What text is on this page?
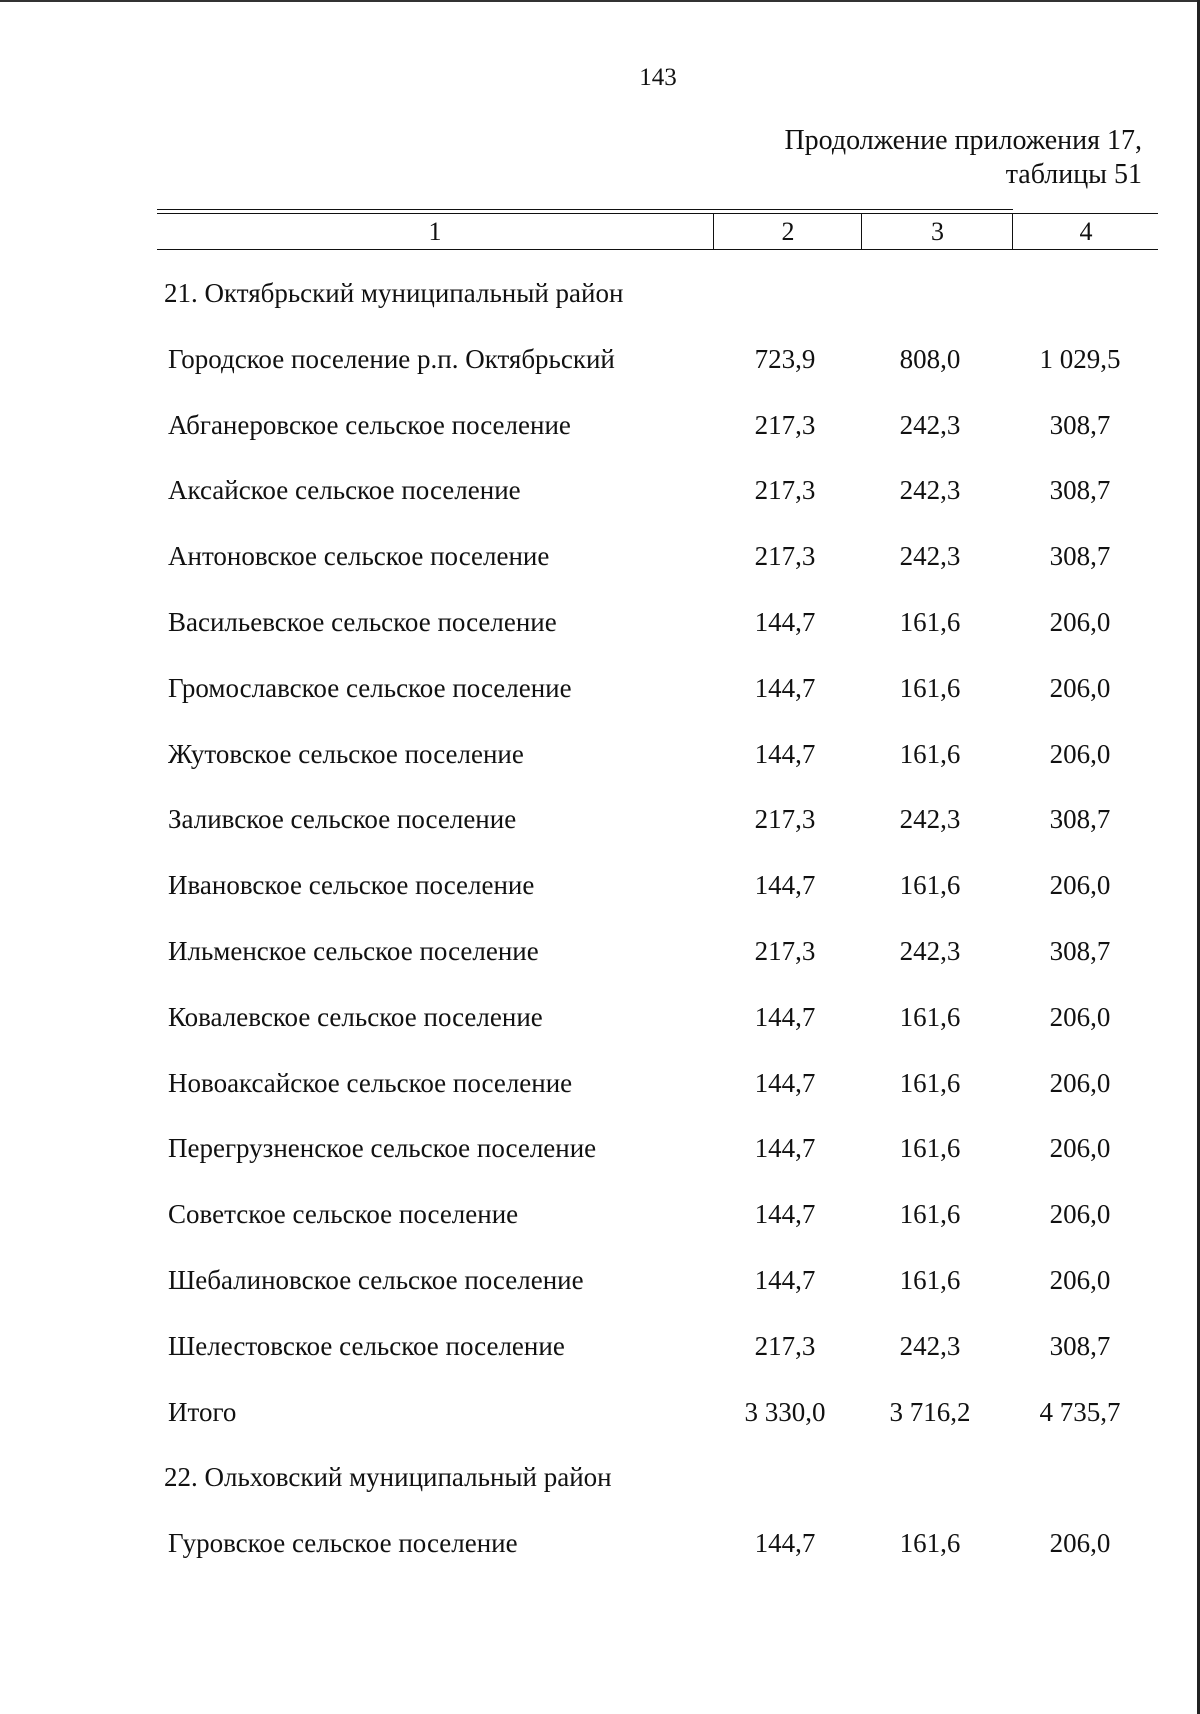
143
Продолжение приложения 17,
таблицы 51
1	2	3	4
21. Октябрьский муниципальный район
Городское поселение р.п. Октябрьский	723,9	808,0	1 029,5
Абганеровское сельское поселение	217,3	242,3	308,7
Аксайское сельское поселение	217,3	242,3	308,7
Антоновское сельское поселение	217,3	242,3	308,7
Васильевское сельское поселение	144,7	161,6	206,0
Громославское сельское поселение	144,7	161,6	206,0
Жутовское сельское поселение	144,7	161,6	206,0
Заливское сельское поселение	217,3	242,3	308,7
Ивановское сельское поселение	144,7	161,6	206,0
Ильменское сельское поселение	217,3	242,3	308,7
Ковалевское сельское поселение	144,7	161,6	206,0
Новоаксайское сельское поселение	144,7	161,6	206,0
Перегрузненское сельское поселение	144,7	161,6	206,0
Советское сельское поселение	144,7	161,6	206,0
Шебалиновское сельское поселение	144,7	161,6	206,0
Шелестовское сельское поселение	217,3	242,3	308,7
Итого	3 330,0	3 716,2	4 735,7
22. Ольховский муниципальный район
Гуровское сельское поселение	144,7	161,6	206,0
